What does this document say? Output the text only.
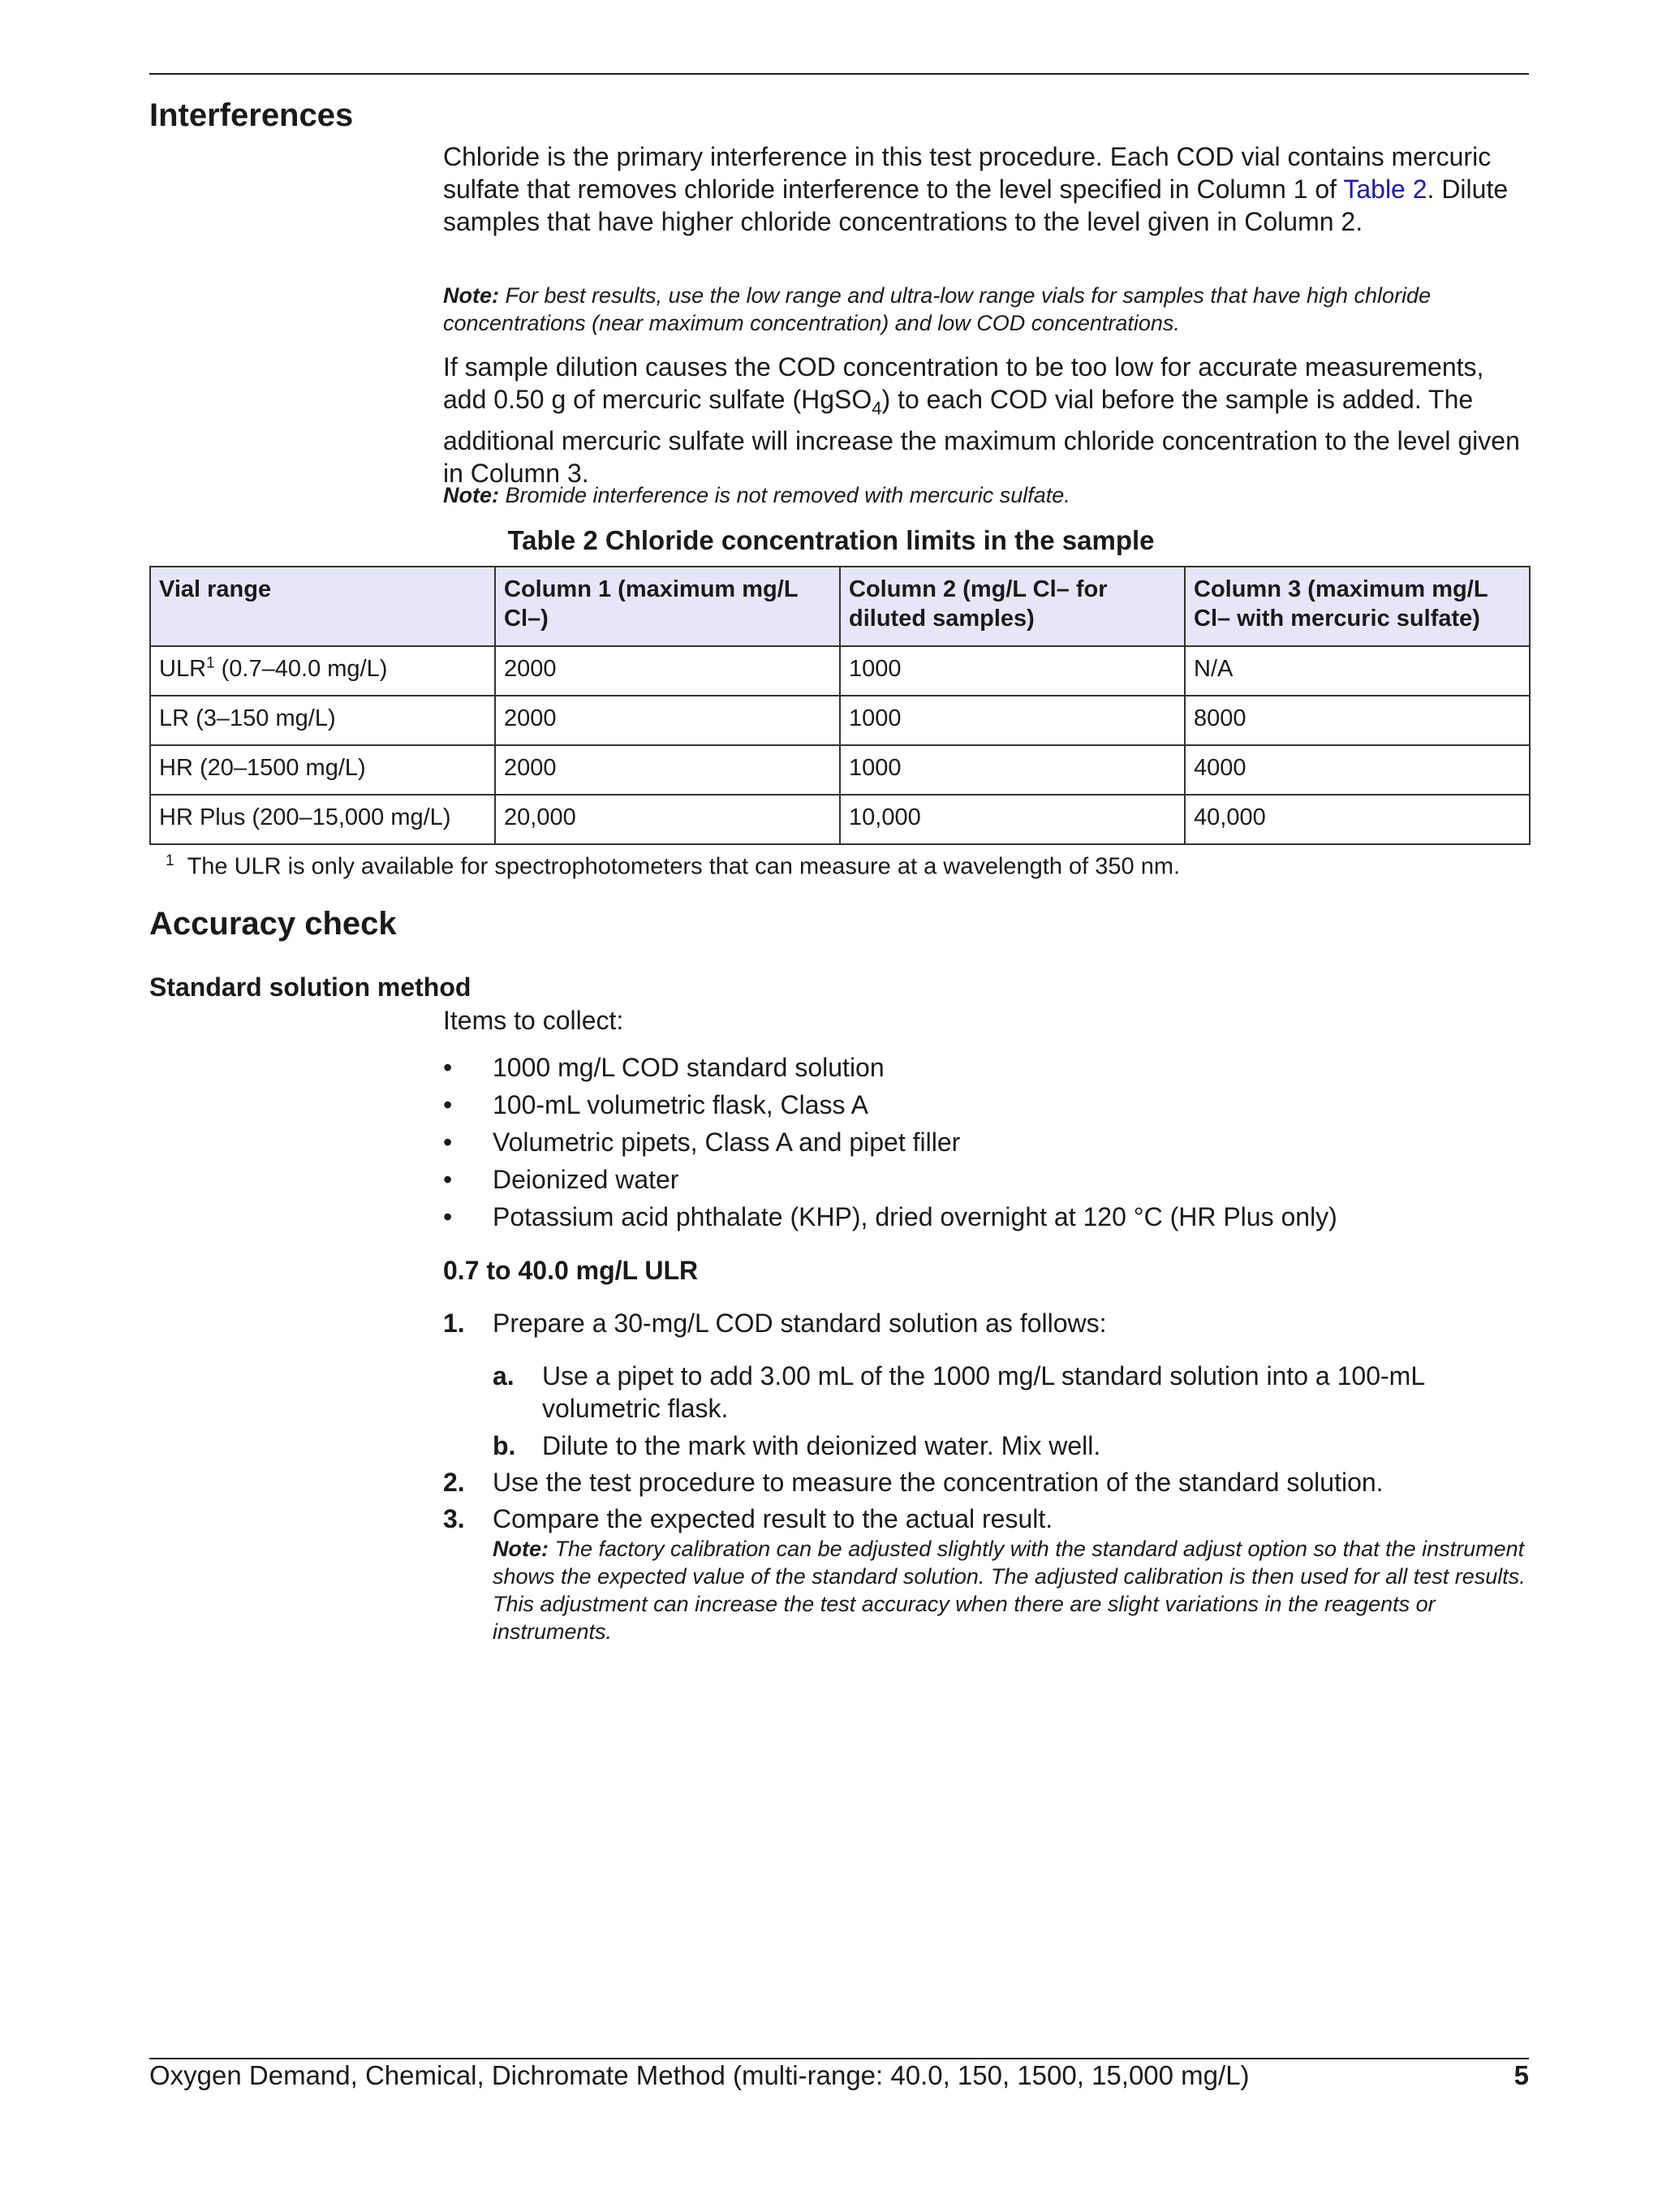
Interferences
Chloride is the primary interference in this test procedure. Each COD vial contains mercuric sulfate that removes chloride interference to the level specified in Column 1 of Table 2. Dilute samples that have higher chloride concentrations to the level given in Column 2.
Note: For best results, use the low range and ultra-low range vials for samples that have high chloride concentrations (near maximum concentration) and low COD concentrations.
If sample dilution causes the COD concentration to be too low for accurate measurements, add 0.50 g of mercuric sulfate (HgSO$_4$) to each COD vial before the sample is added. The additional mercuric sulfate will increase the maximum chloride concentration to the level given in Column 3.
Note: Bromide interference is not removed with mercuric sulfate.
Table 2 Chloride concentration limits in the sample
Vial range	Column 1 (maximum mg/L Cl–)	Column 2 (mg/L Cl– for diluted samples)	Column 3 (maximum mg/L Cl– with mercuric sulfate)
ULR$^1$ (0.7–40.0 mg/L)	2000	1000	N/A
LR (3–150 mg/L)	2000	1000	8000
HR (20–1500 mg/L)	2000	1000	4000
HR Plus (200–15,000 mg/L)	20,000	10,000	40,000
$^1$ The ULR is only available for spectrophotometers that can measure at a wavelength of 350 nm.
Accuracy check
Standard solution method
Items to collect:
• 1000 mg/L COD standard solution
• 100-mL volumetric flask, Class A
• Volumetric pipets, Class A and pipet filler
• Deionized water
• Potassium acid phthalate (KHP), dried overnight at 120 °C (HR Plus only)
0.7 to 40.0 mg/L ULR
1. Prepare a 30-mg/L COD standard solution as follows:
a. Use a pipet to add 3.00 mL of the 1000 mg/L standard solution into a 100-mL volumetric flask.
b. Dilute to the mark with deionized water. Mix well.
2. Use the test procedure to measure the concentration of the standard solution.
3. Compare the expected result to the actual result.
Note: The factory calibration can be adjusted slightly with the standard adjust option so that the instrument shows the expected value of the standard solution. The adjusted calibration is then used for all test results. This adjustment can increase the test accuracy when there are slight variations in the reagents or instruments.
Oxygen Demand, Chemical, Dichromate Method (multi-range: 40.0, 150, 1500, 15,000 mg/L)	5
